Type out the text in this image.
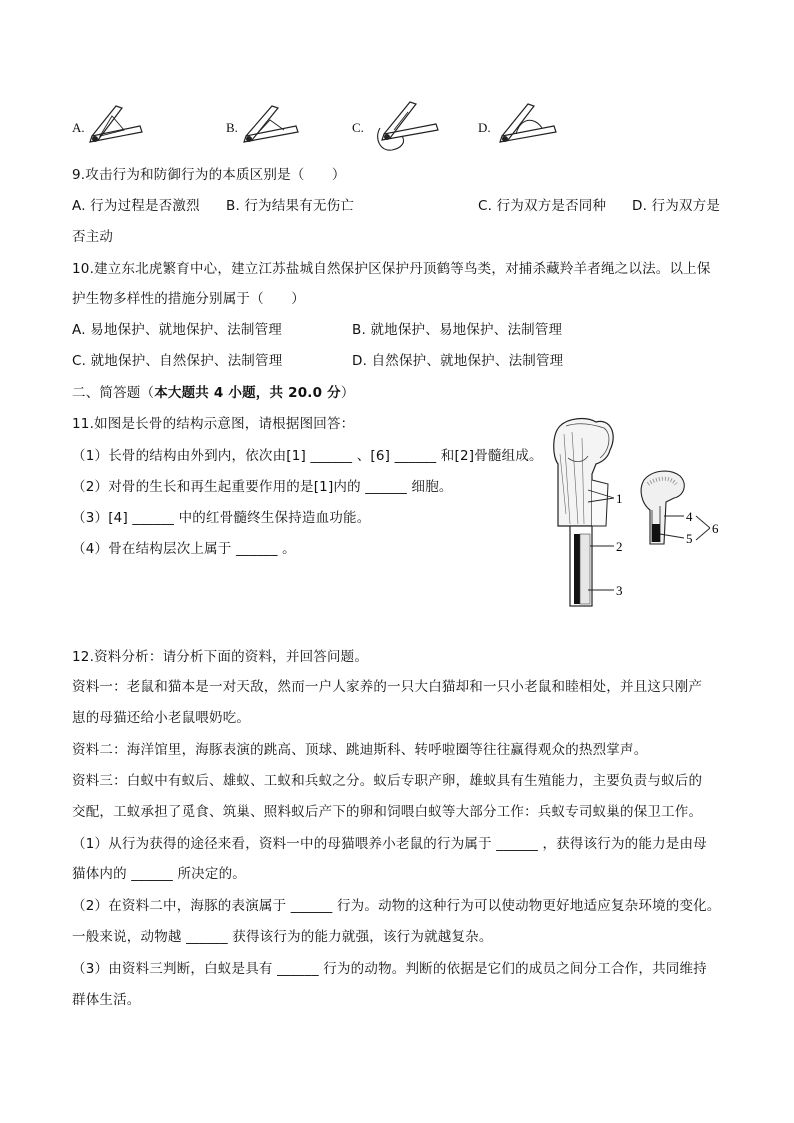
A.	B.	C.	D.
9.攻击行为和防御行为的本质区别是（　　）
A. 行为过程是否激烈 B. 行为结果有无伤亡	C. 行为双方是否同种 D. 行为双方是
否主动
10.建立东北虎繁育中心，建立江苏盐城自然保护区保护丹顶鹤等鸟类，对捕杀藏羚羊者绳之以法。以上保
护生物多样性的措施分别属于（　　）
A. 易地保护、就地保护、法制管理	B. 就地保护、易地保护、法制管理
C. 就地保护、自然保护、法制管理	D. 自然保护、就地保护、法制管理
二、简答题（本大题共 4 小题，共 20.0 分）
11.如图是长骨的结构示意图，请根据图回答：
（1）长骨的结构由外到内，依次由[1] ______ 、[6] ______ 和[2]骨髓组成。
（2）对骨的生长和再生起重要作用的是[1]内的 ______ 细胞。
（3）[4] ______ 中的红骨髓终生保持造血功能。
（4）骨在结构层次上属于 ______ 。
1
2
3
4
5
6
12.资料分析：请分析下面的资料，并回答问题。
资料一：老鼠和猫本是一对天敌，然而一户人家养的一只大白猫却和一只小老鼠和睦相处，并且这只刚产
崽的母猫还给小老鼠喂奶吃。
资料二：海洋馆里，海豚表演的跳高、顶球、跳迪斯科、转呼啦圈等往往赢得观众的热烈掌声。
资料三：白蚁中有蚁后、雄蚁、工蚁和兵蚁之分。蚁后专职产卵，雄蚁具有生殖能力，主要负责与蚁后的
交配，工蚁承担了觅食、筑巢、照料蚁后产下的卵和饲喂白蚁等大部分工作：兵蚁专司蚁巢的保卫工作。
（1）从行为获得的途径来看，资料一中的母猫喂养小老鼠的行为属于 ______ ，获得该行为的能力是由母
猫体内的 ______ 所决定的。
（2）在资料二中，海豚的表演属于 ______ 行为。动物的这种行为可以使动物更好地适应复杂环境的变化。
一般来说，动物越 ______ 获得该行为的能力就强，该行为就越复杂。
（3）由资料三判断，白蚁是具有 ______ 行为的动物。判断的依据是它们的成员之间分工合作，共同维持
群体生活。
